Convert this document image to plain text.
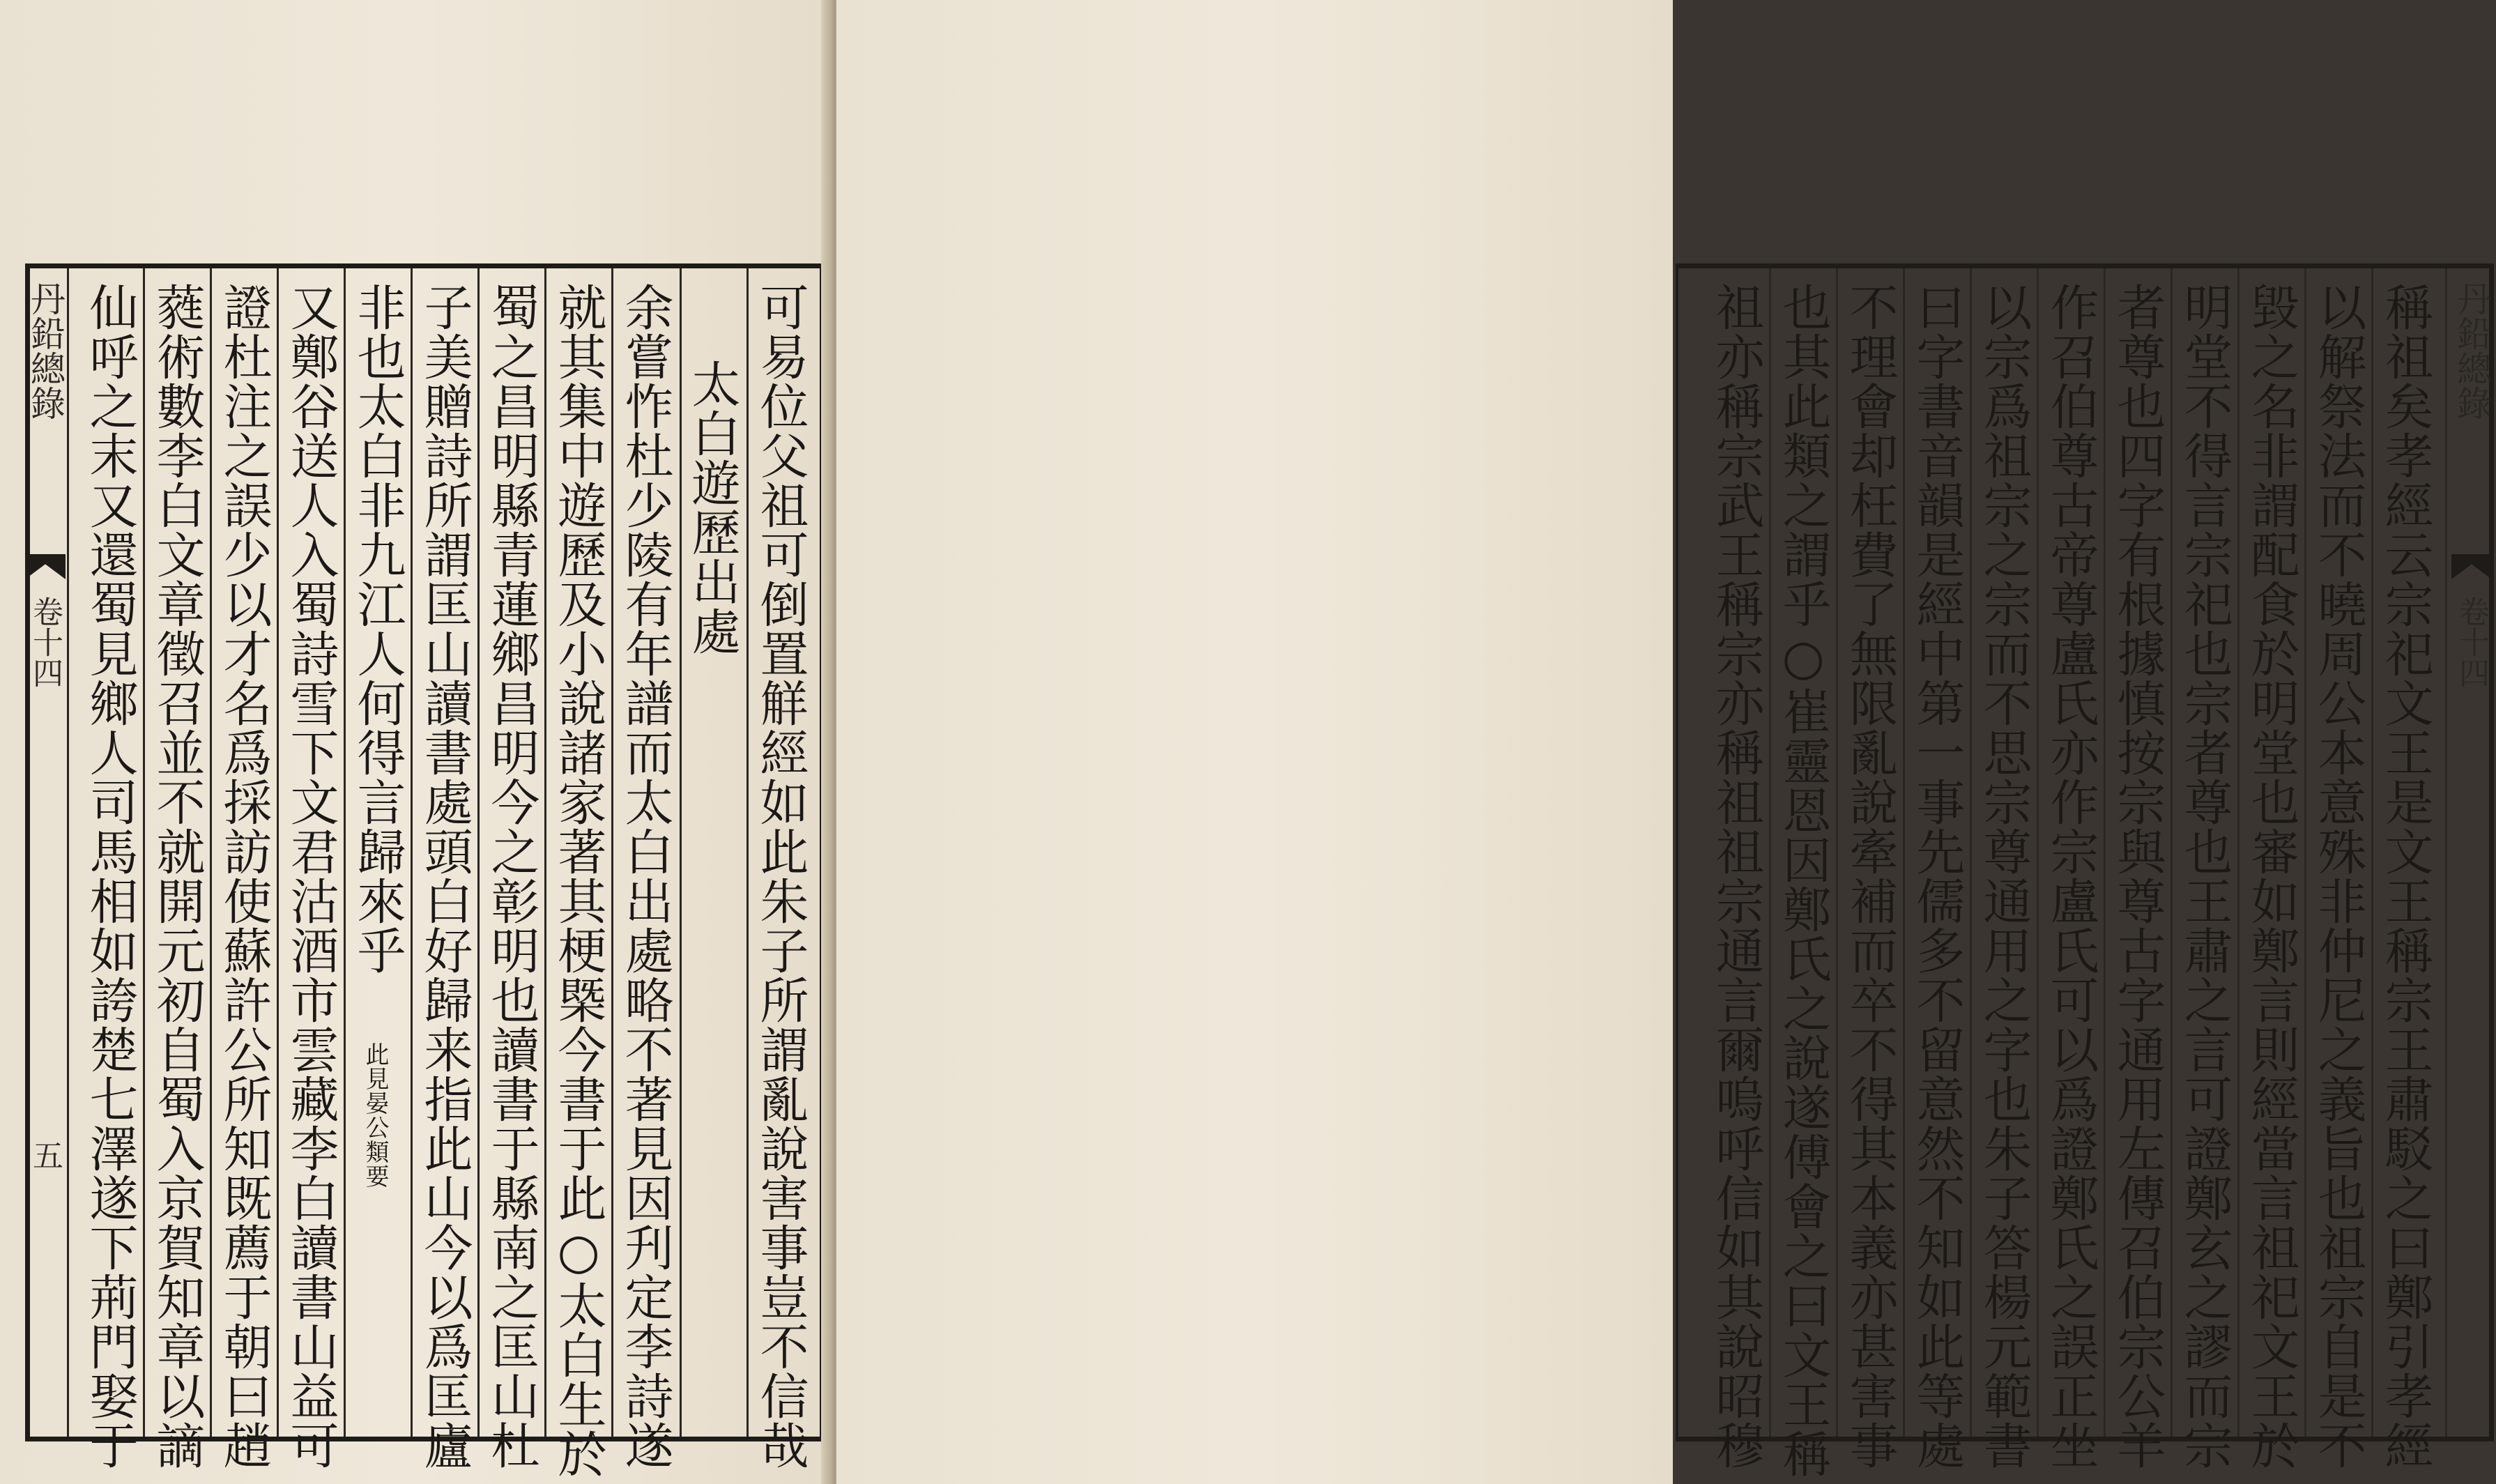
丹鉛總錄
卷十四
五	可易位父祖可倒置觧經如此朱子所謂亂說害事豈不信哉
太白遊歷出處
余嘗怍杜少陵有年譜而太白出處略不著見因刋定李詩遂
就其集中遊歷及小說諸家著其梗槩今書于此○太白生於
蜀之昌明縣青蓮鄉昌明今之彰明也讀書于縣南之匡山杜
子美贈詩所謂匡山讀書處頭白好歸来指此山今以爲匡廬
非也太白非九江人何得言歸來乎
此見晏公類要
又鄭谷送人入蜀詩雪下文君沽酒市雲藏李白讀書山益可
證杜注之誤少以才名爲採訪使蘇許公所知既薦于朝曰趙
蕤術數李白文章徵召並不就開元初自蜀入京賀知章以謫
仙呼之末又還蜀見鄉人司馬相如誇楚七澤遂下荊門娶于	丹鉛總錄
卷十四
稱祖矣孝經云宗祀文王是文王稱宗王肅駁之曰鄭引孝經
以解祭法而不曉周公本意殊非仲尼之義旨也祖宗自是不
毀之名非謂配食於明堂也審如鄭言則經當言祖祀文王於
明堂不得言宗祀也宗者尊也王肅之言可證鄭玄之謬而宗
者尊也四字有根據慎按宗與尊古字通用左傳召伯宗公羊
作召伯尊古帝尊盧氏亦作宗盧氏可以爲證鄭氏之誤正坐
以宗爲祖宗之宗而不思宗尊通用之字也朱子答楊元範書
曰字書音韻是經中第一事先儒多不留意然不知如此等處
不理會却枉費了無限亂說牽補而卒不得其本義亦甚害事
也其此類之謂乎○崔靈恩因鄭氏之說遂傅會之曰文王稱
祖亦稱宗武王稱宗亦稱祖祖宗通言爾嗚呼信如其說昭穆
